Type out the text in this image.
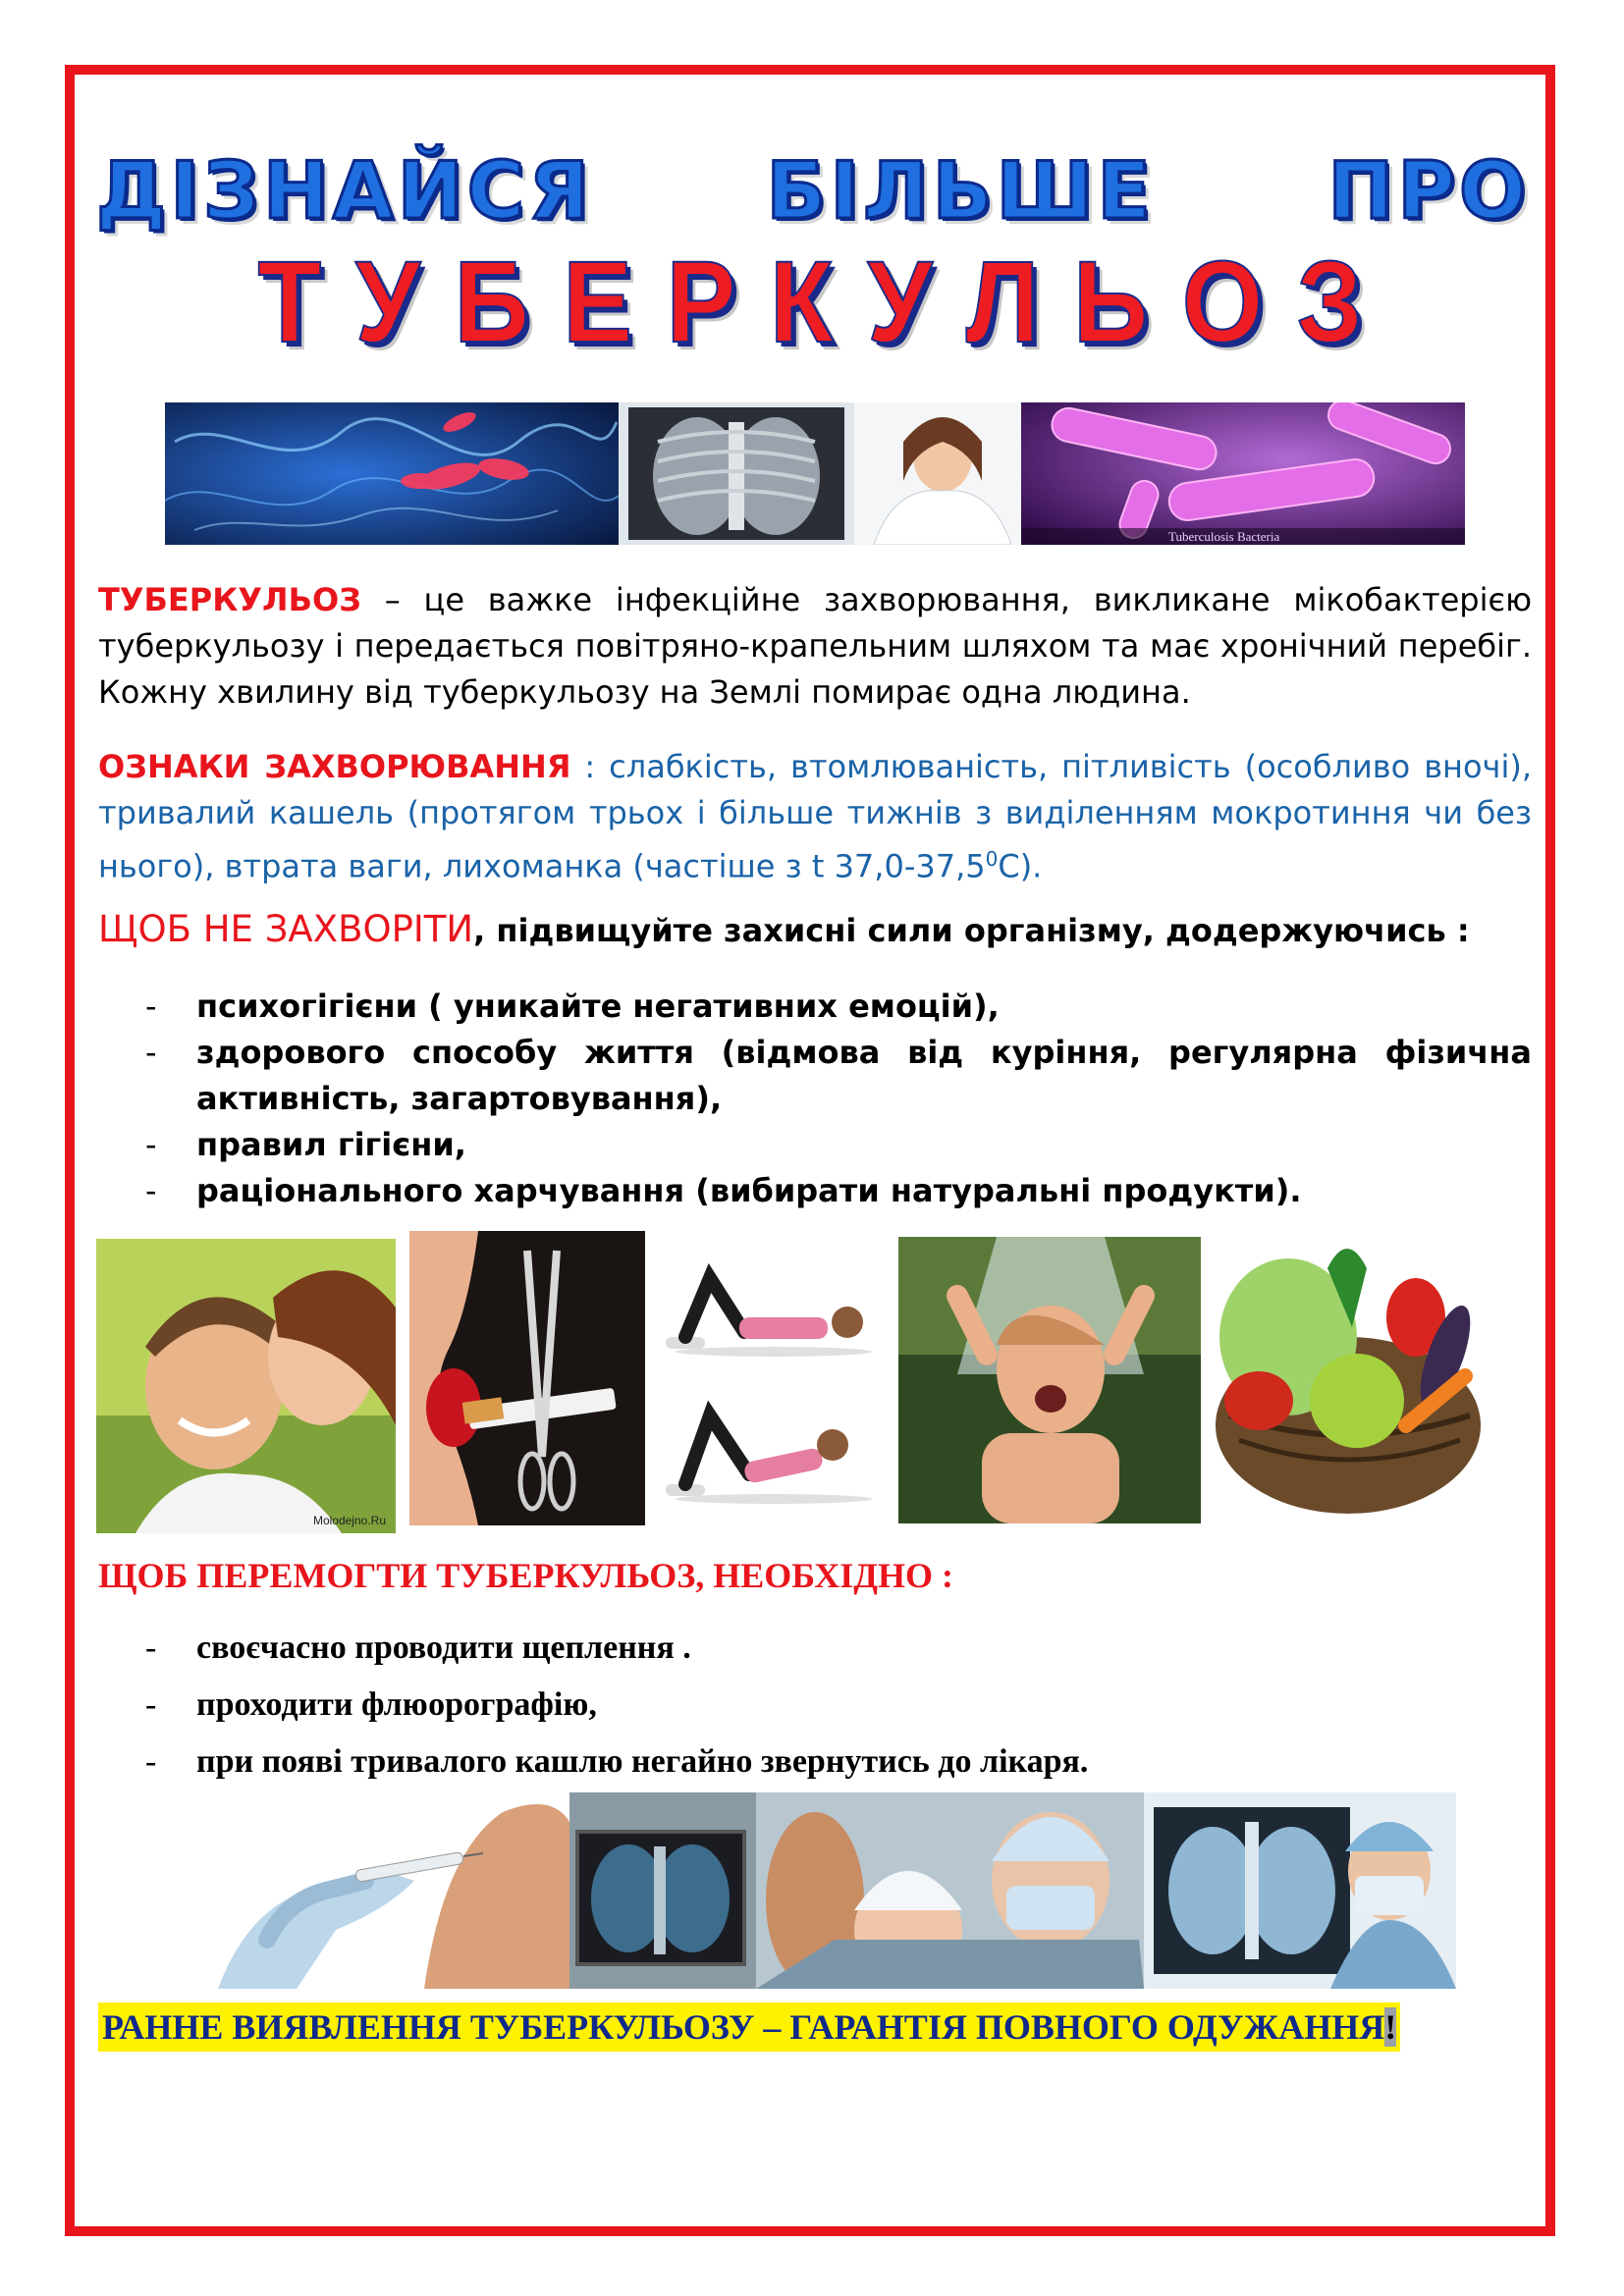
ДІЗНАЙСЯ БІЛЬШЕ ПРО
Т У Б Е Р К У Л Ь О З
Tuberculosis Bacteria
ТУБЕРКУЛЬОЗ – це важке інфекційне захворювання, викликане мікобактерією туберкульозу і передається повітряно-крапельним шляхом та має хронічний перебіг. Кожну хвилину від туберкульозу на Землі помирає одна людина.
ОЗНАКИ ЗАХВОРЮВАННЯ : слабкість, втомлюваність, пітливість (особливо вночі), тривалий кашель (протягом трьох і більше тижнів з виділенням мокротиння чи без нього), втрата ваги, лихоманка (частіше з t 37,0-37,5$^0$С).
ЩОБ НЕ ЗАХВОРІТИ, підвищуйте захисні сили організму, додержуючись :
- психогігієни ( уникайте негативних емоцій),
- здорового способу життя (відмова від куріння, регулярна фізична активність, загартовування),
- правил гігієни,
- раціонального харчування (вибирати натуральні продукти).
Molodejno.Ru
ЩОБ ПЕРЕМОГТИ ТУБЕРКУЛЬОЗ, НЕОБХІДНО :
- своєчасно проводити щеплення .
- проходити флюорографію,
- при появі тривалого кашлю негайно звернутись до лікаря.
РАННЕ ВИЯВЛЕННЯ ТУБЕРКУЛЬОЗУ – ГАРАНТІЯ ПОВНОГО ОДУЖАННЯ!
